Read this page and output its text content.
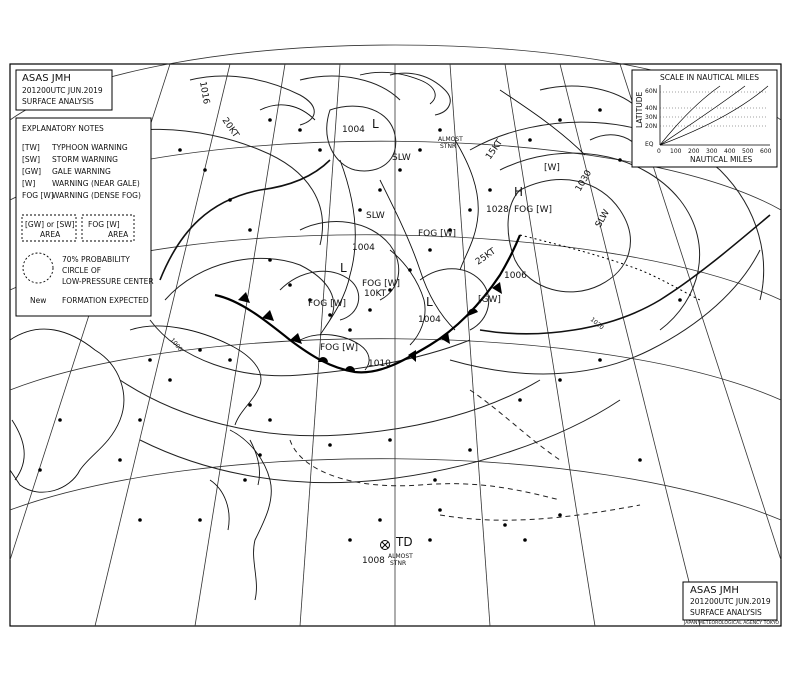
EXPLANATORY NOTES
[TW] TYPHOON WARNING
[SW] STORM WARNING
[GW] GALE WARNING
[W] WARNING (NEAR GALE)
FOG [W]
WARNING (DENSE FOG)
[GW] or [SW]
AREA
FOG [W]
AREA
70% PROBABILITY
CIRCLE OF
LOW-PRESSURE CENTER
New FORMATION EXPECTED
ASAS JMH
201200UTC JUN.2019
SURFACE ANALYSIS
ASAS JMH
201200UTC JUN.2019
SURFACE ANALYSIS
JAPAN METEOROLOGICAL AGENCY TOKYO
SCALE IN NAUTICAL MILES
LATITUDE
60N
40N
30N
20N
EQ
0 100 200 300 400 500 600
NAUTICAL MILES
TD
1008 ALMOST
STNR
1028
1030
1004
1004
1004
1006
1010
1016
1000
1020
SLW
SLW	SLW
FOG [W]
FOG [W]
FOG [W]
FOG [W]
FOG [W]
[GW]
[W]
10KT
15KT
20KT
25KT
ALMOST
STNR
H
L
L
L
